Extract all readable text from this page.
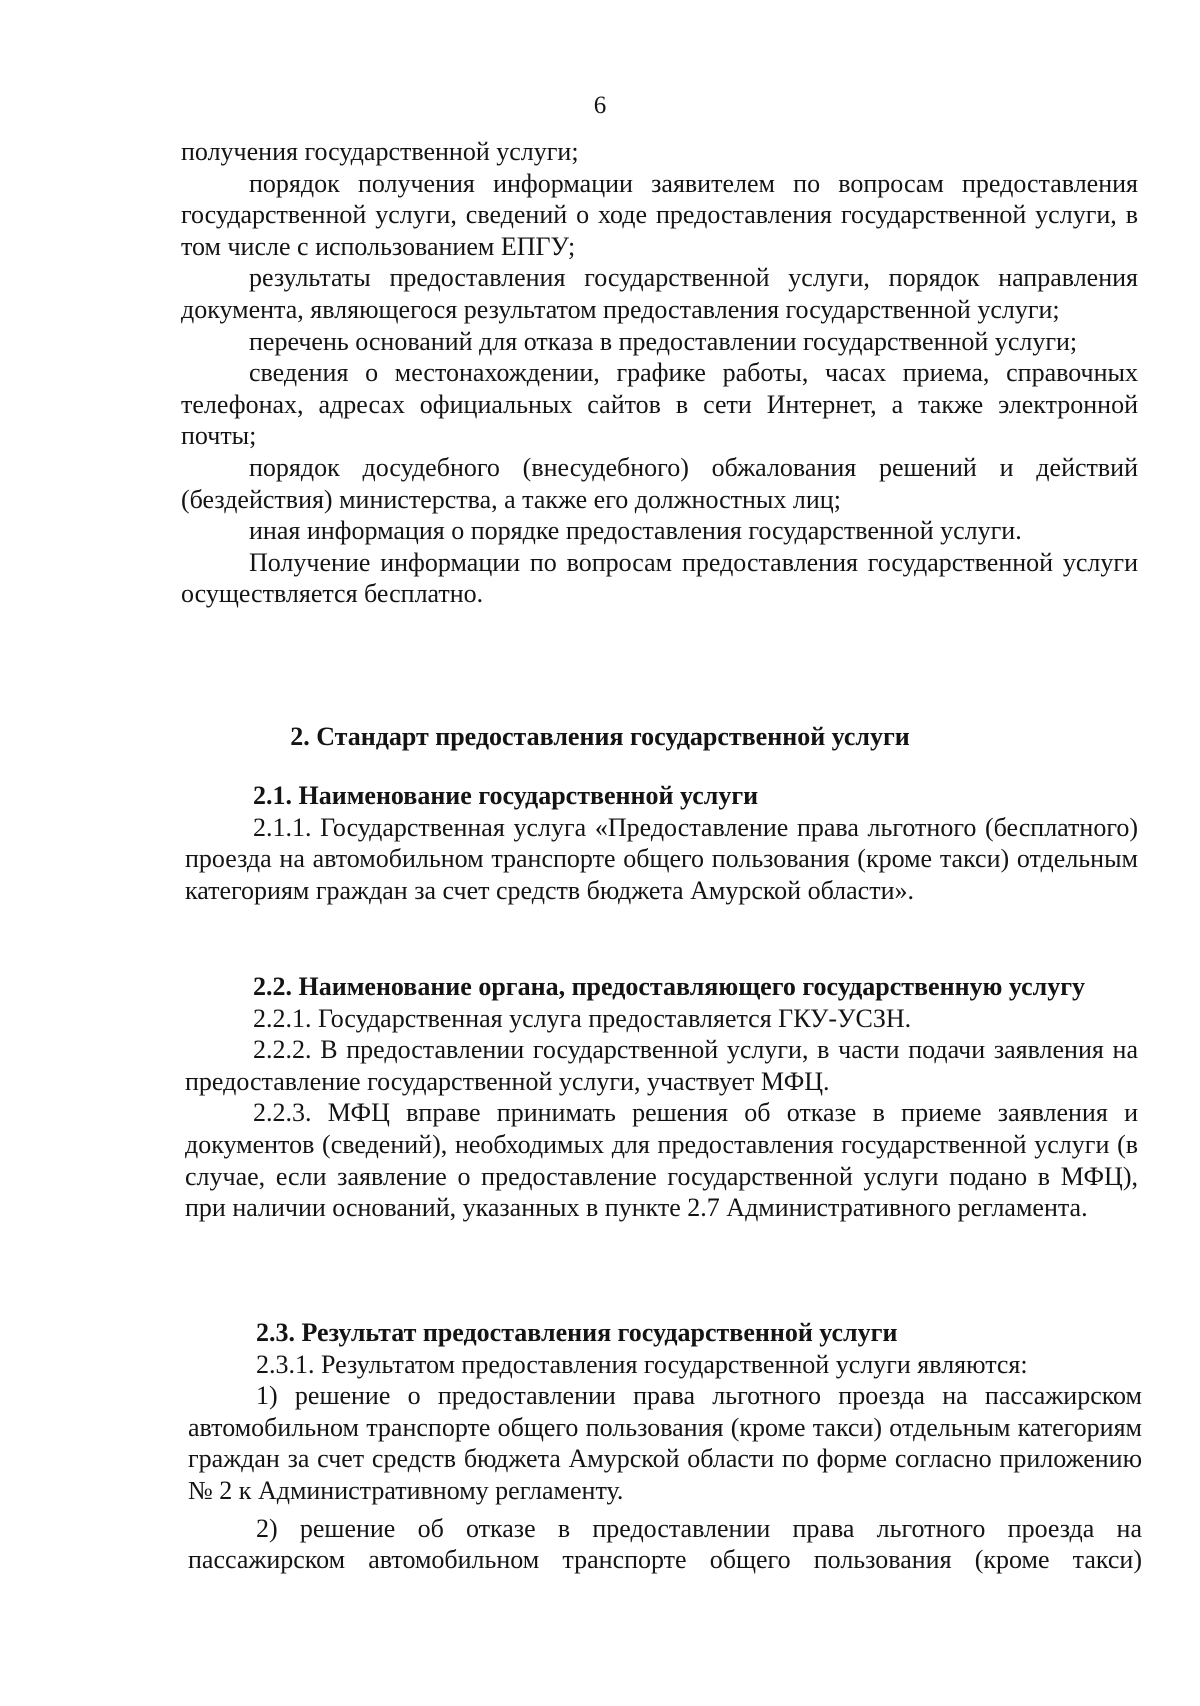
6

получения государственной услуги;

порядок получения информации заявителем по вопросам предоставления государственной услуги, сведений о ходе предоставления государственной услуги, в том числе с использованием ЕПГУ;

результаты предоставления государственной услуги, порядок направления документа, являющегося результатом предоставления государственной услуги;

перечень оснований для отказа в предоставлении государственной услуги;

сведения о местонахождении, графике работы, часах приема, справочных телефонах, адресах официальных сайтов в сети Интернет, а также электронной почты;

порядок досудебного (внесудебного) обжалования решений и действий (бездействия) министерства, а также его должностных лиц;

иная информация о порядке предоставления государственной услуги.

Получение информации по вопросам предоставления государственной услуги осуществляется бесплатно.

2. Стандарт предоставления государственной услуги
2.1. Наименование государственной услуги

2.1.1. Государственная услуга «Предоставление права льготного (бесплатного) проезда на автомобильном транспорте общего пользования (кроме такси) отдельным категориям граждан за счет средств бюджета Амурской области».

2.2. Наименование органа, предоставляющего государственную услугу

2.2.1. Государственная услуга предоставляется ГКУ-УСЗН.

2.2.2. В предоставлении государственной услуги, в части подачи заявления на предоставление государственной услуги, участвует МФЦ.

2.2.3. МФЦ вправе принимать решения об отказе в приеме заявления и документов (сведений), необходимых для предоставления государственной услуги (в случае, если заявление о предоставление государственной услуги подано в МФЦ), при наличии оснований, указанных в пункте 2.7 Административного регламента.

2.3. Результат предоставления государственной услуги

2.3.1. Результатом предоставления государственной услуги являются:

1) решение о предоставлении права льготного проезда на пассажирском автомобильном транспорте общего пользования (кроме такси) отдельным категориям граждан за счет средств бюджета Амурской области по форме согласно приложению № 2 к Административному регламенту.

2) решение об отказе в предоставлении права льготного проезда на пассажирском автомобильном транспорте общего пользования (кроме такси)
